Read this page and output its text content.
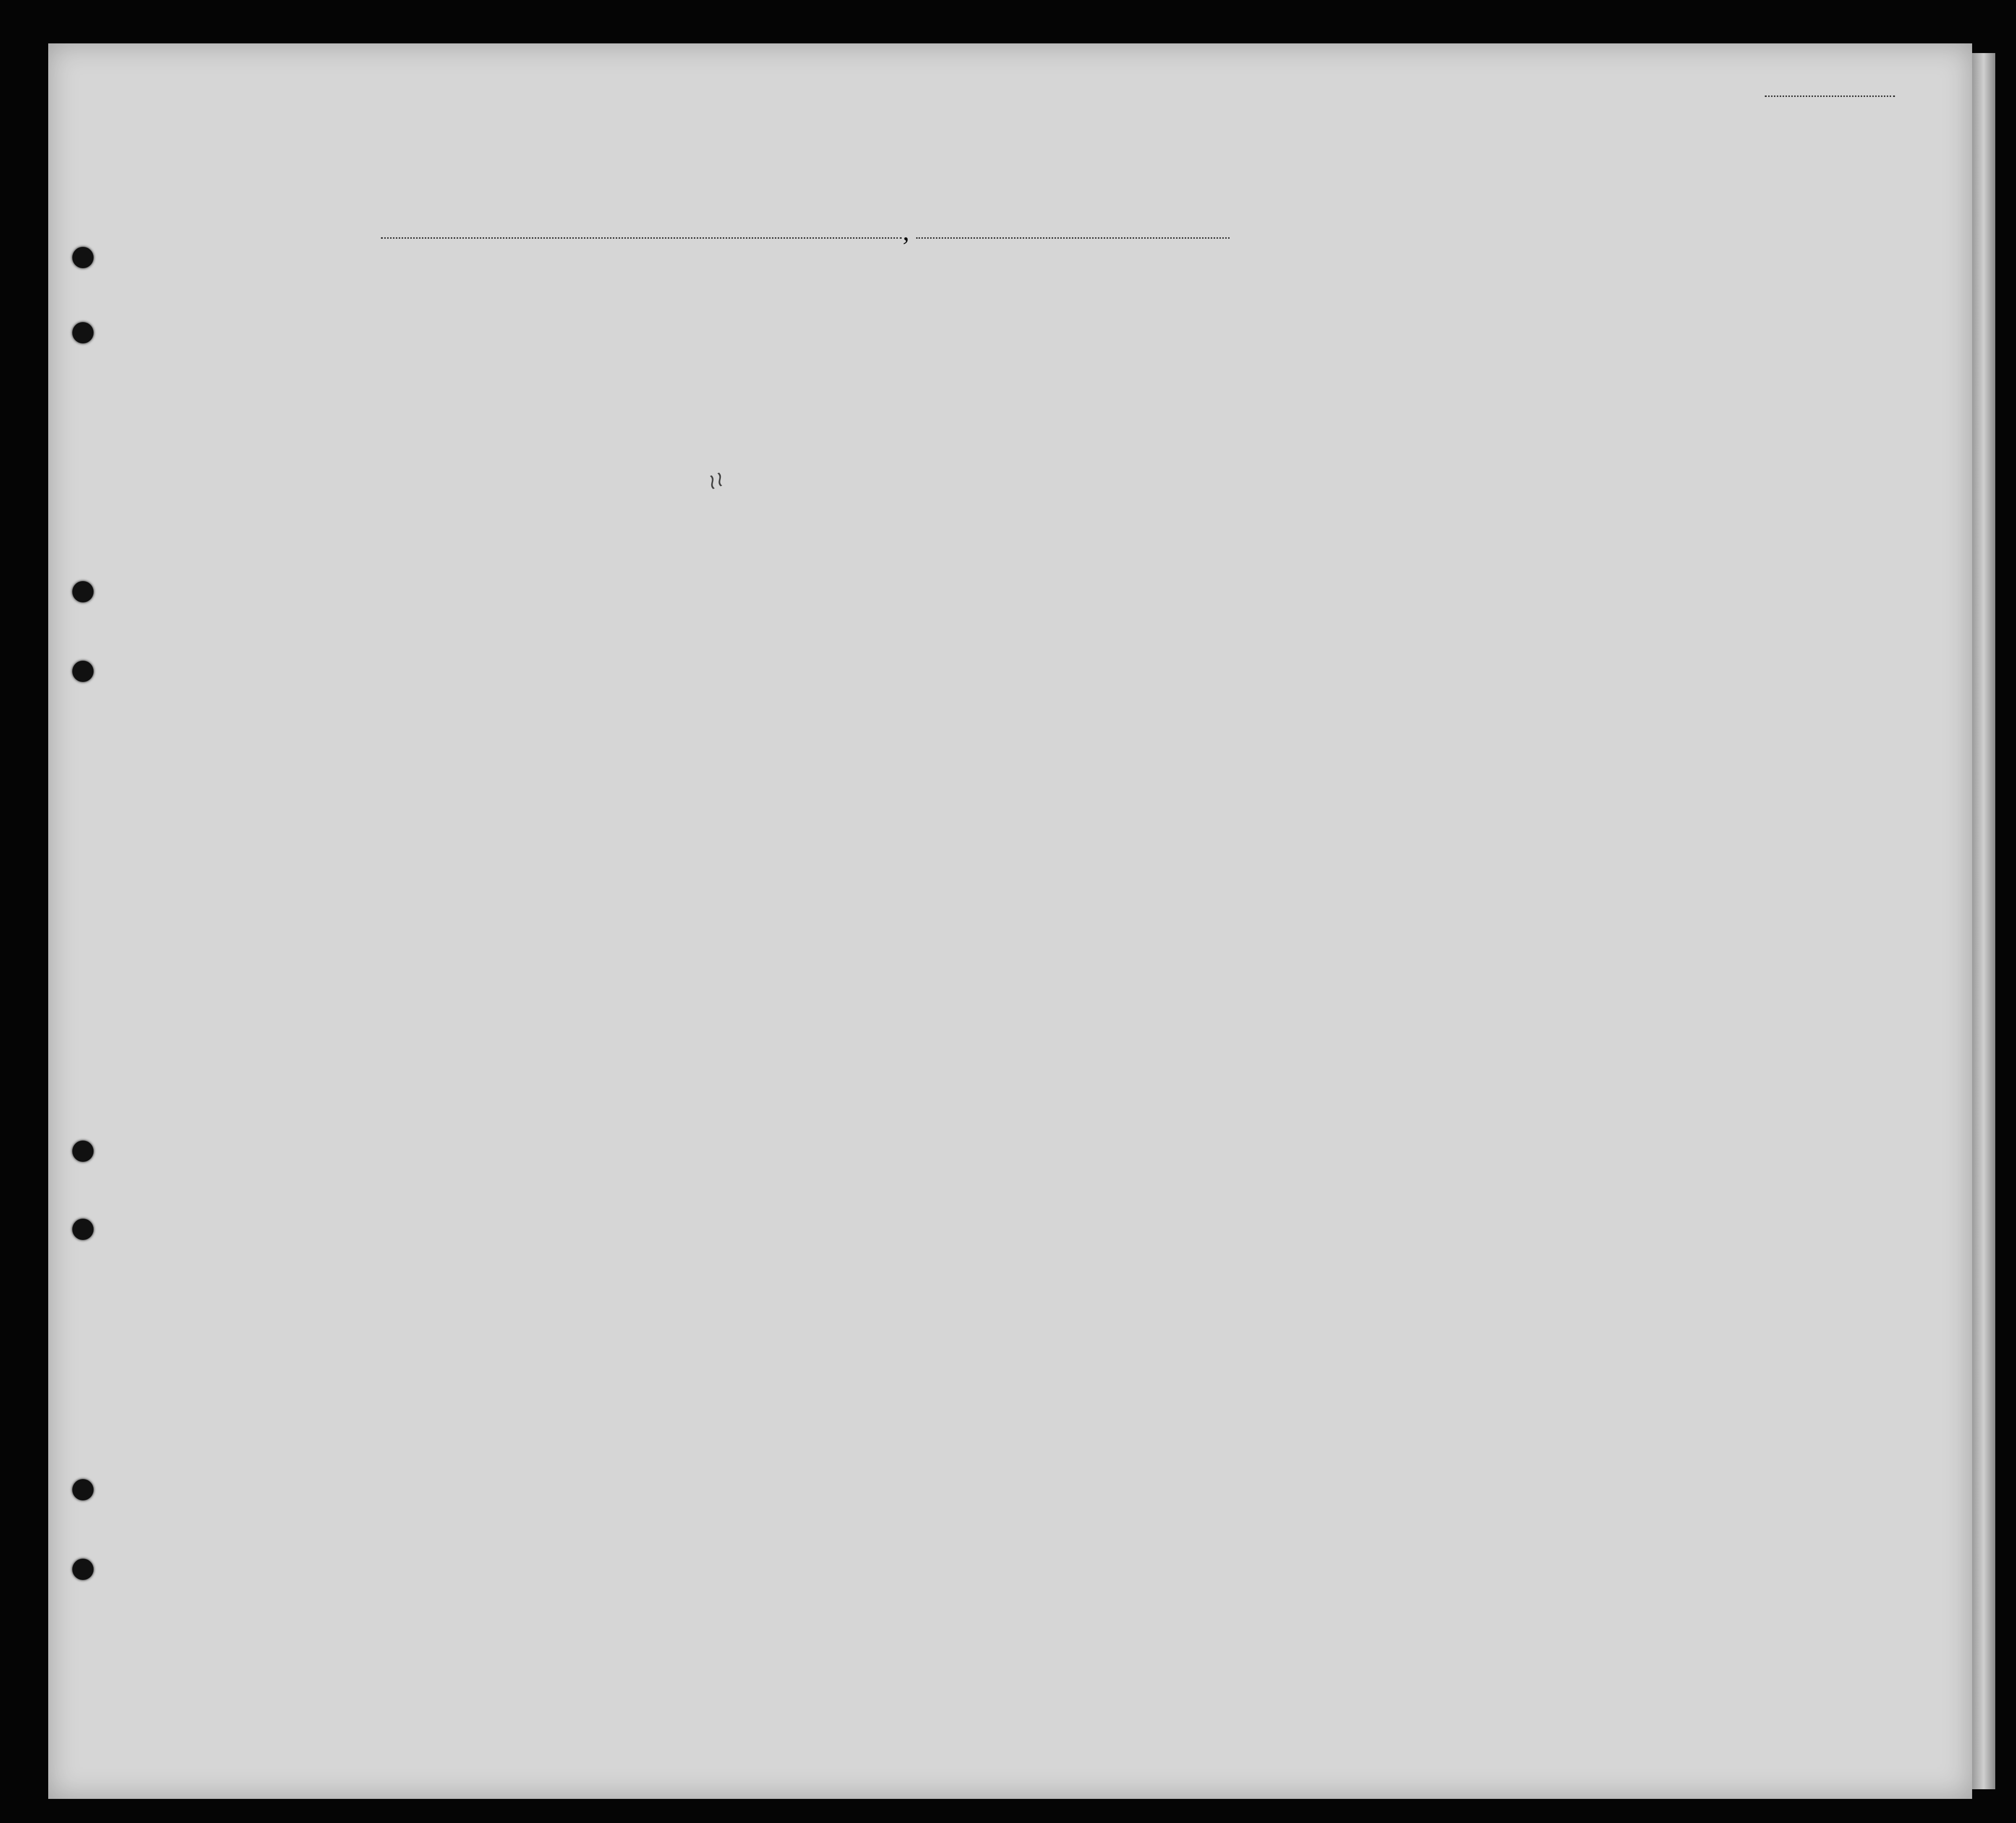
,
≀≀
